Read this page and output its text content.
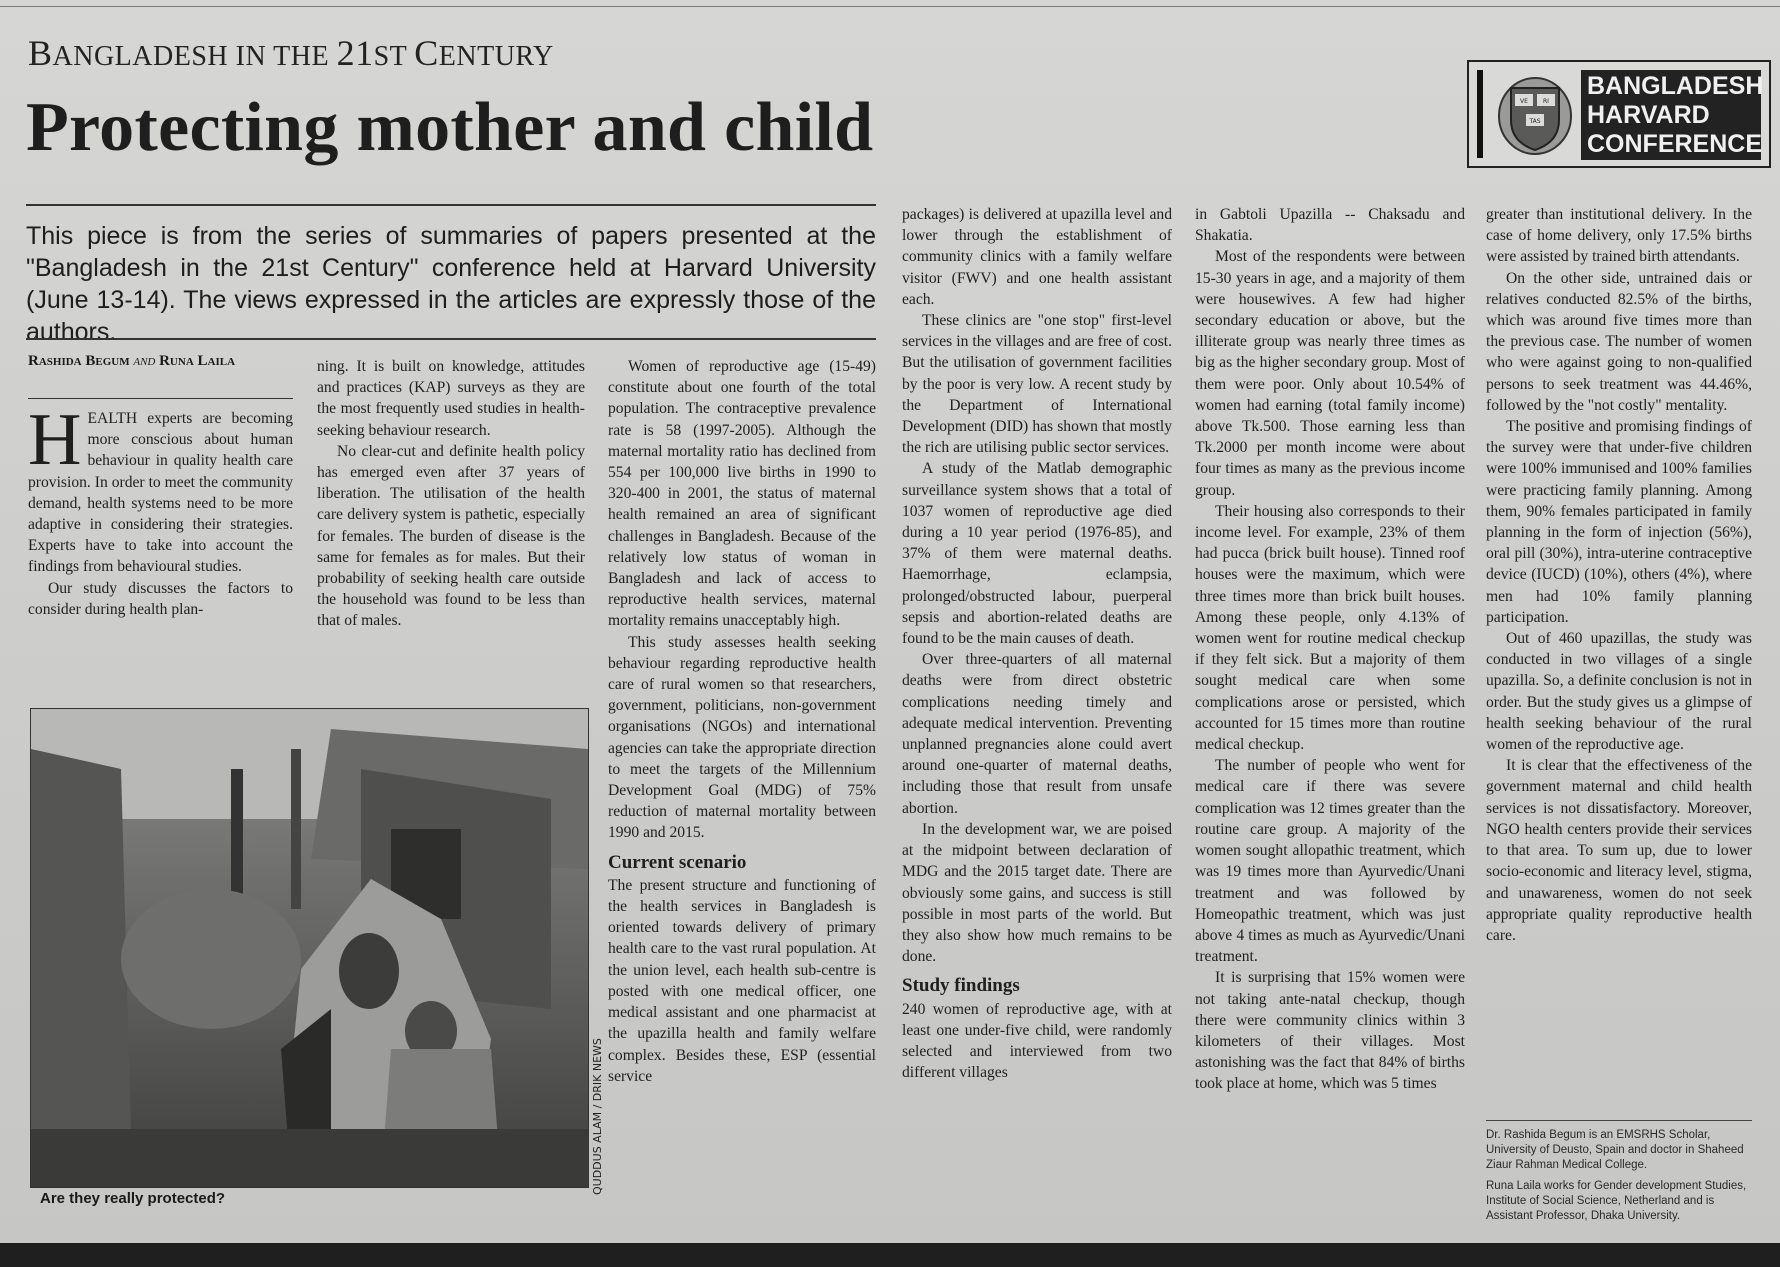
BANGLADESH IN THE 21ST CENTURY
Protecting mother and child	VE	RI
TAS
BANGLADESH
HARVARD
CONFERENCE
This piece is from the series of summaries of papers presented at the "Bangladesh in the 21st Century" conference held at Harvard University (June 13-14). The views expressed in the articles are expressly those of the authors.
Rashida Begum and Runa Laila

HEALTH experts are becoming more conscious about human behaviour in quality health care provision. In order to meet the community demand, health systems need to be more adaptive in considering their strategies. Experts have to take into account the findings from behavioural studies.

Our study discusses the factors to consider during health plan-

ning. It is built on knowledge, attitudes and practices (KAP) surveys as they are the most frequently used studies in health-seeking behaviour research.

No clear-cut and definite health policy has emerged even after 37 years of liberation. The utilisation of the health care delivery system is pathetic, especially for females. The burden of disease is the same for females as for males. But their probability of seeking health care outside the household was found to be less than that of males.

QUDDUS ALAM / DRIK NEWS
Are they really protected?

Women of reproductive age (15-49) constitute about one fourth of the total population. The contraceptive prevalence rate is 58 (1997-2005). Although the maternal mortality ratio has declined from 554 per 100,000 live births in 1990 to 320-400 in 2001, the status of maternal health remained an area of significant challenges in Bangladesh. Because of the relatively low status of woman in Bangladesh and lack of access to reproductive health services, maternal mortality remains unacceptably high.

This study assesses health seeking behaviour regarding reproductive health care of rural women so that researchers, government, politicians, non-government organisations (NGOs) and international agencies can take the appropriate direction to meet the targets of the Millennium Development Goal (MDG) of 75% reduction of maternal mortality between 1990 and 2015.

Current scenario

The present structure and functioning of the health services in Bangladesh is oriented towards delivery of primary health care to the vast rural population. At the union level, each health sub-centre is posted with one medical officer, one medical assistant and one pharmacist at the upazilla health and family welfare complex. Besides these, ESP (essential service

packages) is delivered at upazilla level and lower through the establishment of community clinics with a family welfare visitor (FWV) and one health assistant each.

These clinics are "one stop" first-level services in the villages and are free of cost. But the utilisation of government facilities by the poor is very low. A recent study by the Department of International Development (DID) has shown that mostly the rich are utilising public sector services.

A study of the Matlab demographic surveillance system shows that a total of 1037 women of reproductive age died during a 10 year period (1976-85), and 37% of them were maternal deaths. Haemorrhage, eclampsia, prolonged/obstructed labour, puerperal sepsis and abortion-related deaths are found to be the main causes of death.

Over three-quarters of all maternal deaths were from direct obstetric complications needing timely and adequate medical intervention. Preventing unplanned pregnancies alone could avert around one-quarter of maternal deaths, including those that result from unsafe abortion.

In the development war, we are poised at the midpoint between declaration of MDG and the 2015 target date. There are obviously some gains, and success is still possible in most parts of the world. But they also show how much remains to be done.

Study findings

240 women of reproductive age, with at least one under-five child, were randomly selected and interviewed from two different villages

in Gabtoli Upazilla -- Chaksadu and Shakatia.

Most of the respondents were between 15-30 years in age, and a majority of them were housewives. A few had higher secondary education or above, but the illiterate group was nearly three times as big as the higher secondary group. Most of them were poor. Only about 10.54% of women had earning (total family income) above Tk.500. Those earning less than Tk.2000 per month income were about four times as many as the previous income group.

Their housing also corresponds to their income level. For example, 23% of them had pucca (brick built house). Tinned roof houses were the maximum, which were three times more than brick built houses. Among these people, only 4.13% of women went for routine medical checkup if they felt sick. But a majority of them sought medical care when some complications arose or persisted, which accounted for 15 times more than routine medical checkup.

The number of people who went for medical care if there was severe complication was 12 times greater than the routine care group. A majority of the women sought allopathic treatment, which was 19 times more than Ayurvedic/Unani treatment and was followed by Homeopathic treatment, which was just above 4 times as much as Ayurvedic/Unani treatment.

It is surprising that 15% women were not taking ante-natal checkup, though there were community clinics within 3 kilometers of their villages. Most astonishing was the fact that 84% of births took place at home, which was 5 times

greater than institutional delivery. In the case of home delivery, only 17.5% births were assisted by trained birth attendants.

On the other side, untrained dais or relatives conducted 82.5% of the births, which was around five times more than the previous case. The number of women who were against going to non-qualified persons to seek treatment was 44.46%, followed by the "not costly" mentality.

The positive and promising findings of the survey were that under-five children were 100% immunised and 100% families were practicing family planning. Among them, 90% females participated in family planning in the form of injection (56%), oral pill (30%), intra-uterine contraceptive device (IUCD) (10%), others (4%), where men had 10% family planning participation.

Out of 460 upazillas, the study was conducted in two villages of a single upazilla. So, a definite conclusion is not in order. But the study gives us a glimpse of health seeking behaviour of the rural women of the reproductive age.

It is clear that the effectiveness of the government maternal and child health services is not dissatisfactory. Moreover, NGO health centers provide their services to that area. To sum up, due to lower socio-economic and literacy level, stigma, and unawareness, women do not seek appropriate quality reproductive health care.

Dr. Rashida Begum is an EMSRHS Scholar, University of Deusto, Spain and doctor in Shaheed Ziaur Rahman Medical College.

Runa Laila works for Gender development Studies, Institute of Social Science, Netherland and is Assistant Professor, Dhaka University.
